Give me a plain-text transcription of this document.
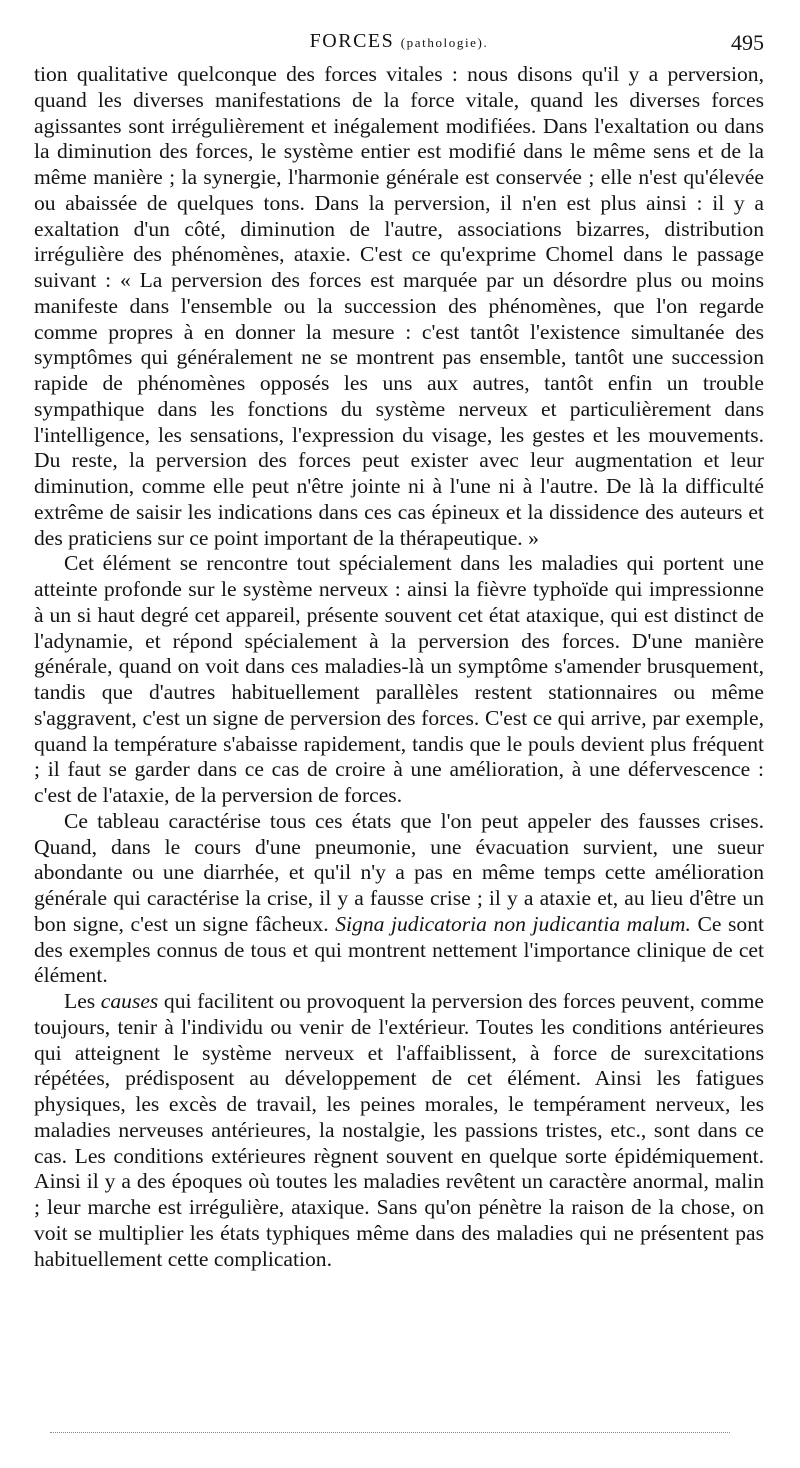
FORCES (pathologie).	495

tion qualitative quelconque des forces vitales : nous disons qu'il y a perversion, quand les diverses manifestations de la force vitale, quand les diverses forces agissantes sont irrégulièrement et inégalement modifiées. Dans l'exaltation ou dans la diminution des forces, le système entier est modifié dans le même sens et de la même manière ; la synergie, l'harmonie générale est conservée ; elle n'est qu'élevée ou abaissée de quelques tons. Dans la perversion, il n'en est plus ainsi : il y a exaltation d'un côté, diminution de l'autre, associations bizarres, distribution irrégulière des phénomènes, ataxie. C'est ce qu'exprime Chomel dans le passage suivant : « La perversion des forces est marquée par un désordre plus ou moins manifeste dans l'ensemble ou la succession des phénomènes, que l'on regarde comme propres à en donner la mesure : c'est tantôt l'existence simultanée des symptômes qui généralement ne se montrent pas ensemble, tantôt une succession rapide de phénomènes opposés les uns aux autres, tantôt enfin un trouble sympathique dans les fonctions du système nerveux et particulièrement dans l'intelligence, les sensations, l'expression du visage, les gestes et les mouvements. Du reste, la perversion des forces peut exister avec leur augmentation et leur diminution, comme elle peut n'être jointe ni à l'une ni à l'autre. De là la difficulté extrême de saisir les indications dans ces cas épineux et la dissidence des auteurs et des praticiens sur ce point important de la thérapeutique. »

Cet élément se rencontre tout spécialement dans les maladies qui portent une atteinte profonde sur le système nerveux : ainsi la fièvre typhoïde qui impressionne à un si haut degré cet appareil, présente souvent cet état ataxique, qui est distinct de l'adynamie, et répond spécialement à la perversion des forces. D'une manière générale, quand on voit dans ces maladies-là un symptôme s'amender brusquement, tandis que d'autres habituellement parallèles restent stationnaires ou même s'aggravent, c'est un signe de perversion des forces. C'est ce qui arrive, par exemple, quand la température s'abaisse rapidement, tandis que le pouls devient plus fréquent ; il faut se garder dans ce cas de croire à une amélioration, à une défervescence : c'est de l'ataxie, de la perversion de forces.

Ce tableau caractérise tous ces états que l'on peut appeler des fausses crises. Quand, dans le cours d'une pneumonie, une évacuation survient, une sueur abondante ou une diarrhée, et qu'il n'y a pas en même temps cette amélioration générale qui caractérise la crise, il y a fausse crise ; il y a ataxie et, au lieu d'être un bon signe, c'est un signe fâcheux. Signa judicatoria non judicantia malum. Ce sont des exemples connus de tous et qui montrent nettement l'importance clinique de cet élément.

Les causes qui facilitent ou provoquent la perversion des forces peuvent, comme toujours, tenir à l'individu ou venir de l'extérieur. Toutes les conditions antérieures qui atteignent le système nerveux et l'affaiblissent, à force de surexcitations répétées, prédisposent au développement de cet élément. Ainsi les fatigues physiques, les excès de travail, les peines morales, le tempérament nerveux, les maladies nerveuses antérieures, la nostalgie, les passions tristes, etc., sont dans ce cas. Les conditions extérieures règnent souvent en quelque sorte épidémiquement. Ainsi il y a des époques où toutes les maladies revêtent un caractère anormal, malin ; leur marche est irrégulière, ataxique. Sans qu'on pénètre la raison de la chose, on voit se multiplier les états typhiques même dans des maladies qui ne présentent pas habituellement cette complication.
